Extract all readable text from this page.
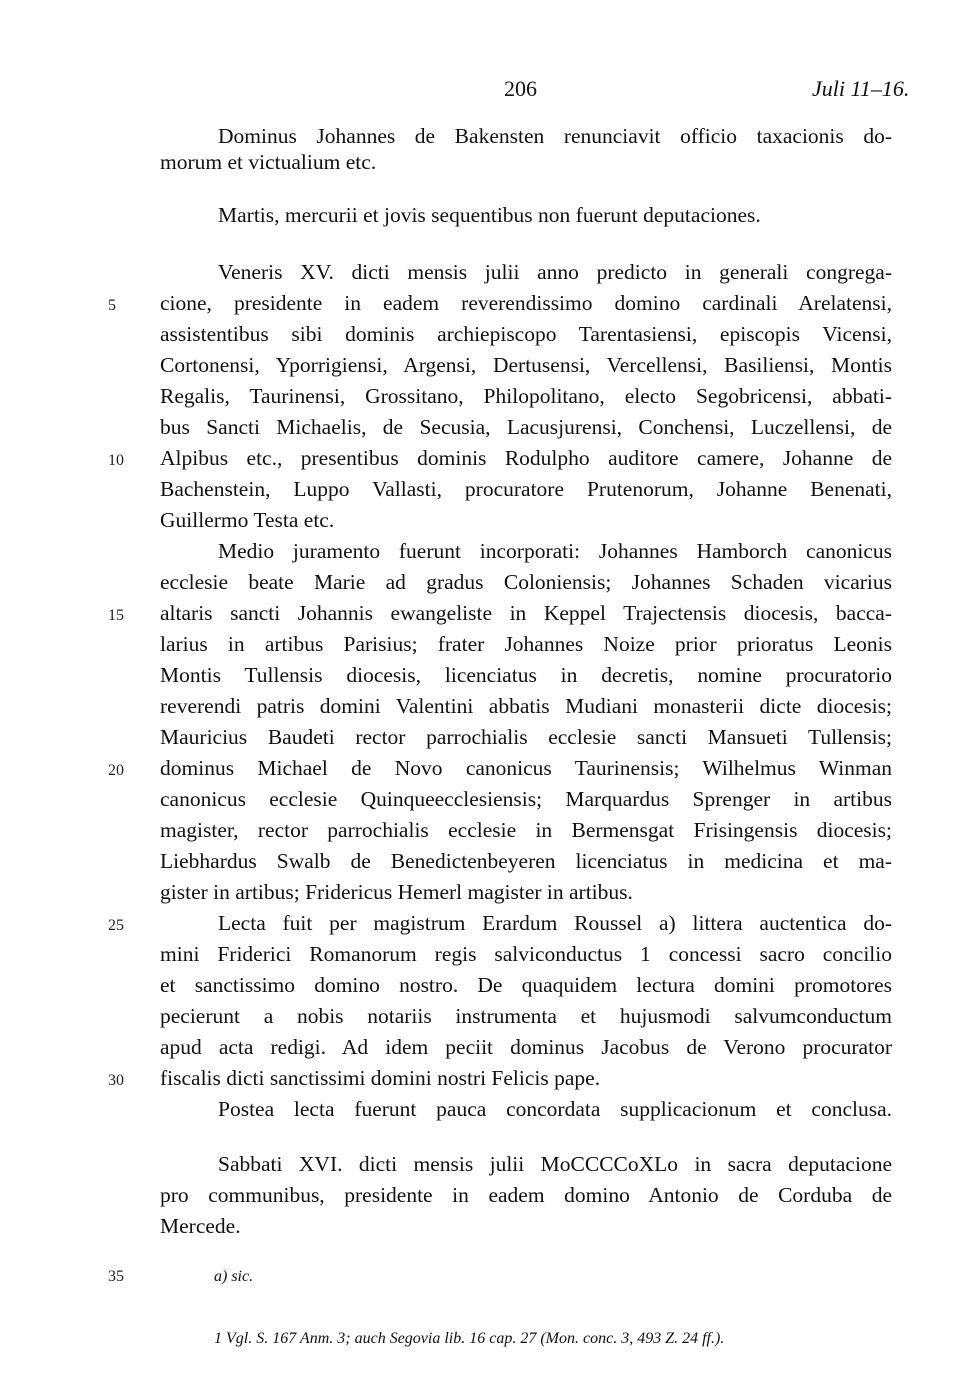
206	Juli 11–16.
Dominus Johannes de Bakensten renunciavit officio taxacionis do-
morum et victualium etc.
Martis, mercurii et jovis sequentibus non fuerunt deputaciones.
Veneris XV. dicti mensis julii anno predicto in generali congrega-
cione, presidente in eadem reverendissimo domino cardinali Arelatensi,
assistentibus sibi dominis archiepiscopo Tarentasiensi, episcopis Vicensi,
Cortonensi, Yporrigiensi, Argensi, Dertusensi, Vercellensi, Basiliensi, Montis
Regalis, Taurinensi, Grossitano, Philopolitano, electo Segobricensi, abbati-
bus Sancti Michaelis, de Secusia, Lacusjurensi, Conchensi, Luczellensi, de
Alpibus etc., presentibus dominis Rodulpho auditore camere, Johanne de
Bachenstein, Luppo Vallasti, procuratore Prutenorum, Johanne Benenati,
Guillermo Testa etc.
Medio juramento fuerunt incorporati: Johannes Hamborch canonicus
ecclesie beate Marie ad gradus Coloniensis; Johannes Schaden vicarius
altaris sancti Johannis ewangeliste in Keppel Trajectensis diocesis, bacca-
larius in artibus Parisius; frater Johannes Noize prior prioratus Leonis
Montis Tullensis diocesis, licenciatus in decretis, nomine procuratorio
reverendi patris domini Valentini abbatis Mudiani monasterii dicte diocesis;
Mauricius Baudeti rector parrochialis ecclesie sancti Mansueti Tullensis;
dominus Michael de Novo canonicus Taurinensis; Wilhelmus Winman
canonicus ecclesie Quinqueecclesiensis; Marquardus Sprenger in artibus
magister, rector parrochialis ecclesie in Bermensgat Frisingensis diocesis;
Liebhardus Swalb de Benedictenbeyeren licenciatus in medicina et ma-
gister in artibus; Fridericus Hemerl magister in artibus.
Lecta fuit per magistrum Erardum Roussel a) littera auctentica do-
mini Friderici Romanorum regis salviconductus 1 concessi sacro concilio
et sanctissimo domino nostro. De quaquidem lectura domini promotores
pecierunt a nobis notariis instrumenta et hujusmodi salvumconductum
apud acta redigi. Ad idem peciit dominus Jacobus de Verono procurator
fiscalis dicti sanctissimi domini nostri Felicis pape.
Postea lecta fuerunt pauca concordata supplicacionum et conclusa.
Sabbati XVI. dicti mensis julii MoCCCCoXLo in sacra deputacione
pro communibus, presidente in eadem domino Antonio de Corduba de
Mercede.
5
10
15
20
25
30
35	a) sic.
1 Vgl. S. 167 Anm. 3; auch Segovia lib. 16 cap. 27 (Mon. conc. 3, 493 Z. 24 ff.).
